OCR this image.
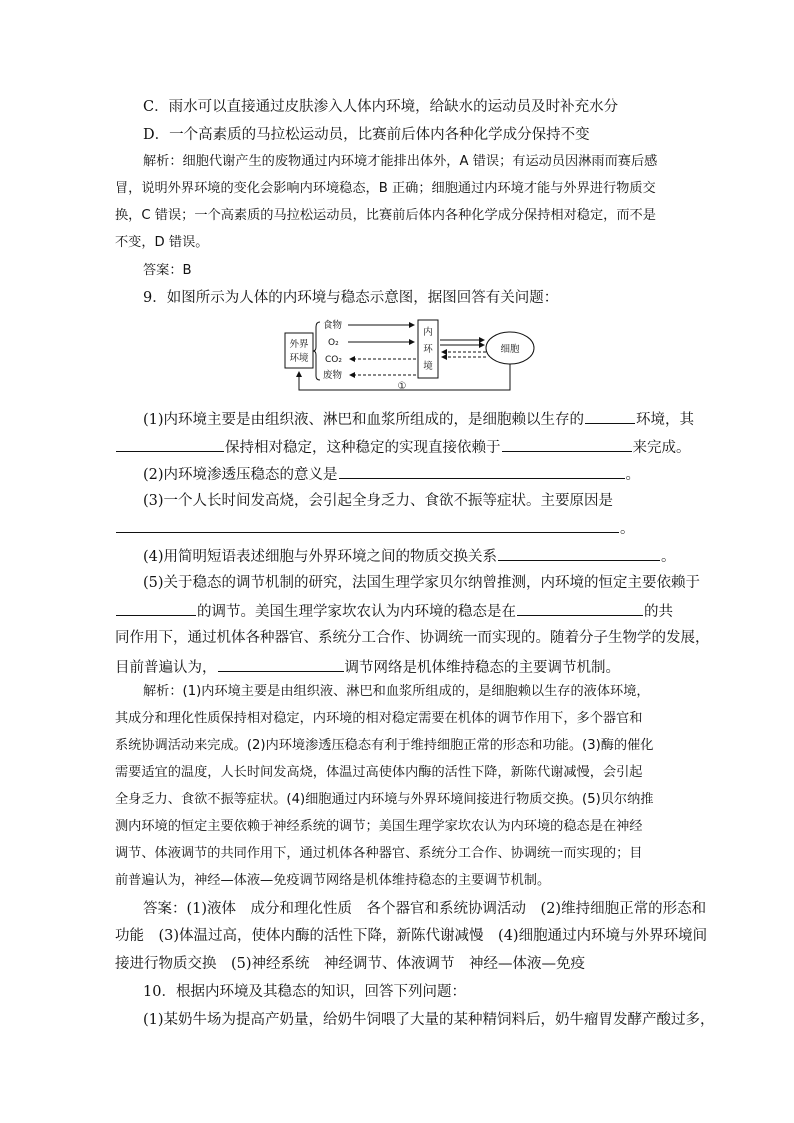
C．雨水可以直接通过皮肤渗入人体内环境，给缺水的运动员及时补充水分
D．一个高素质的马拉松运动员，比赛前后体内各种化学成分保持不变
解析：细胞代谢产生的废物通过内环境才能排出体外，A 错误；有运动员因淋雨而赛后感
冒，说明外界环境的变化会影响内环境稳态，B 正确；细胞通过内环境才能与外界进行物质交
换，C 错误；一个高素质的马拉松运动员，比赛前后体内各种化学成分保持相对稳定，而不是
不变，D 错误。
答案：B
9．如图所示为人体的内环境与稳态示意图，据图回答有关问题：
外界
环境
食物
O₂
CO₂
废物
内
环
境
细胞
①
(1)内环境主要是由组织液、淋巴和血浆所组成的，是细胞赖以生存的	环境，其
保持相对稳定，这种稳定的实现直接依赖于	来完成。
(2)内环境渗透压稳态的意义是	。
(3)一个人长时间发高烧，会引起全身乏力、食欲不振等症状。主要原因是
。
(4)用简明短语表述细胞与外界环境之间的物质交换关系	。
(5)关于稳态的调节机制的研究，法国生理学家贝尔纳曾推测，内环境的恒定主要依赖于
的调节。美国生理学家坎农认为内环境的稳态是在	的共
同作用下，通过机体各种器官、系统分工合作、协调统一而实现的。随着分子生物学的发展，
目前普遍认为，	调节网络是机体维持稳态的主要调节机制。
解析：(1)内环境主要是由组织液、淋巴和血浆所组成的，是细胞赖以生存的液体环境，
其成分和理化性质保持相对稳定，内环境的相对稳定需要在机体的调节作用下，多个器官和
系统协调活动来完成。(2)内环境渗透压稳态有利于维持细胞正常的形态和功能。(3)酶的催化
需要适宜的温度，人长时间发高烧，体温过高使体内酶的活性下降，新陈代谢减慢，会引起
全身乏力、食欲不振等症状。(4)细胞通过内环境与外界环境间接进行物质交换。(5)贝尔纳推
测内环境的恒定主要依赖于神经系统的调节；美国生理学家坎农认为内环境的稳态是在神经
调节、体液调节的共同作用下，通过机体各种器官、系统分工合作、协调统一而实现的；目
前普遍认为，神经—体液—免疫调节网络是机体维持稳态的主要调节机制。
答案：(1)液体　成分和理化性质　各个器官和系统协调活动　(2)维持细胞正常的形态和
功能　(3)体温过高，使体内酶的活性下降，新陈代谢减慢　(4)细胞通过内环境与外界环境间
接进行物质交换　(5)神经系统　神经调节、体液调节　神经—体液—免疫
10．根据内环境及其稳态的知识，回答下列问题：
(1)某奶牛场为提高产奶量，给奶牛饲喂了大量的某种精饲料后，奶牛瘤胃发酵产酸过多，
